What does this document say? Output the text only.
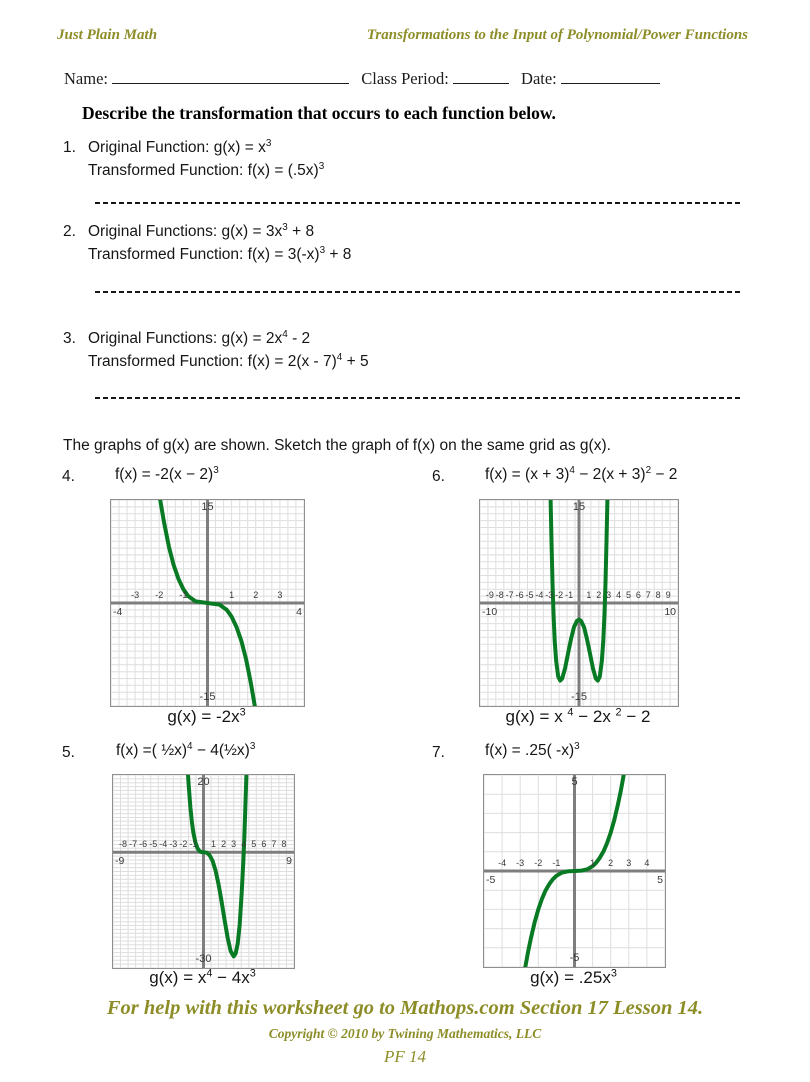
Just Plain Math	Transformations to the Input of Polynomial/Power Functions
Name:	Class Period:	Date:
Describe the transformation that occurs to each function below.
1. Original Function: $g(x) = x^3$
Transformed Function: $f(x) = (.5x)^3$
2. Original Functions: $g(x) = 3x^3 + 8$
Transformed Function: $f(x) = 3(-x)^3 + 8$
3. Original Functions: $g(x) = 2x^4 - 2$
Transformed Function: f(x) = 2(x - 7)$^4$ + 5
The graphs of g(x) are shown. Sketch the graph of f(x) on the same grid as g(x).
4.	$f(x) = -2(x - 2)^3$	6.	$f(x) = (x + 3)^4 - 2(x + 3)^2 - 2$
-3	-2	-1	1	2	3
-4	4
15
-15
-9 -8 -7 -6 -5 -4 -3 -2 -1	1 2 3 4 5 6 7 8 9
-10	10
15
-15
$g(x) = -2x^3$	g(x) = x $^4$ − 2x $^2$ − 2
5.	f(x) =( ½x)$^4$ − 4(½x)$^3$	7.	f(x) = .25( -x)$^3$
-8 -7 -6 -5 -4 -3 -2 -1	1 2 3 4 5 6 7 8
-9	9
20
-30
-4	-3	-2	-1	1	2	3	4
-5	5
5
-5
$g(x) = x^4 - 4x^3$	$g(x) = .25x^3$
For help with this worksheet go to Mathops.com Section 17 Lesson 14.
Copyright © 2010 by Twining Mathematics, LLC
PF 14
